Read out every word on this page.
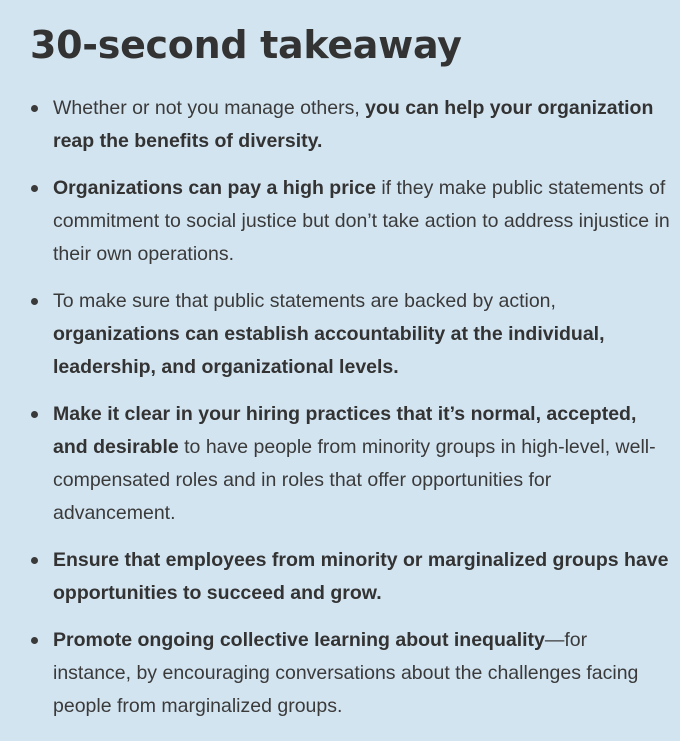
30-second takeaway
Whether or not you manage others, you can help your organization reap the benefits of diversity.
Organizations can pay a high price if they make public statements of commitment to social justice but don’t take action to address injustice in their own operations.
To make sure that public statements are backed by action, organizations can establish accountability at the individual, leadership, and organizational levels.
Make it clear in your hiring practices that it’s normal, accepted, and desirable to have people from minority groups in high-level, well-compensated roles and in roles that offer opportunities for advancement.
Ensure that employees from minority or marginalized groups have opportunities to succeed and grow.
Promote ongoing collective learning about inequality—for instance, by encouraging conversations about the challenges facing people from marginalized groups.
